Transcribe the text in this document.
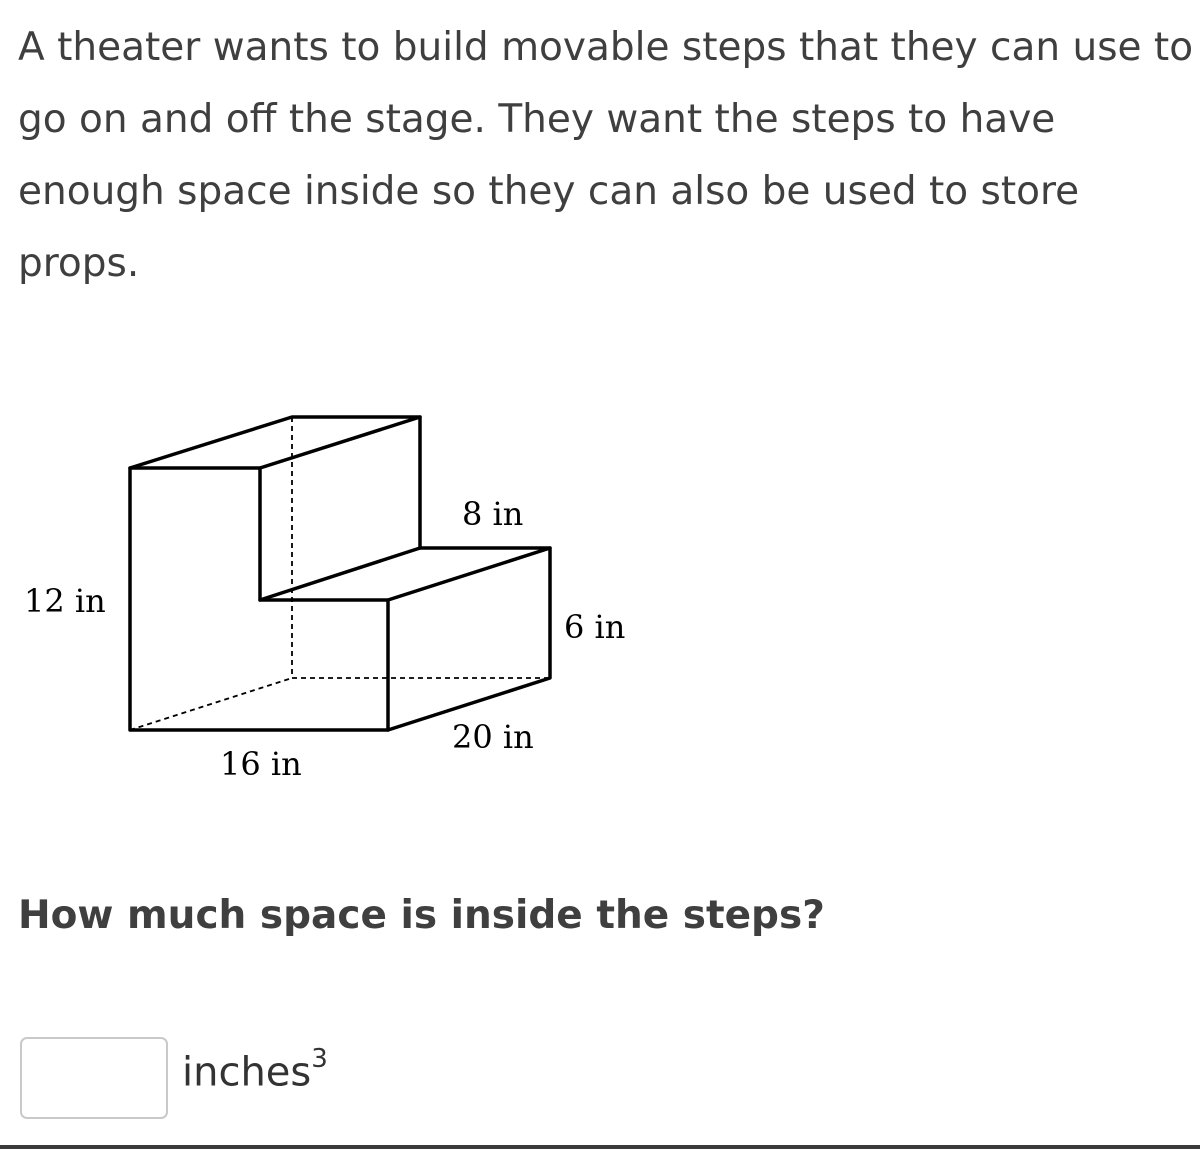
A theater wants to build movable steps that they can use to go on and off the stage. They want the steps to have enough space inside so they can also be used to store props.

12 in
8 in
6 in
16 in
20 in

How much space is inside the steps?

inches$^3$
